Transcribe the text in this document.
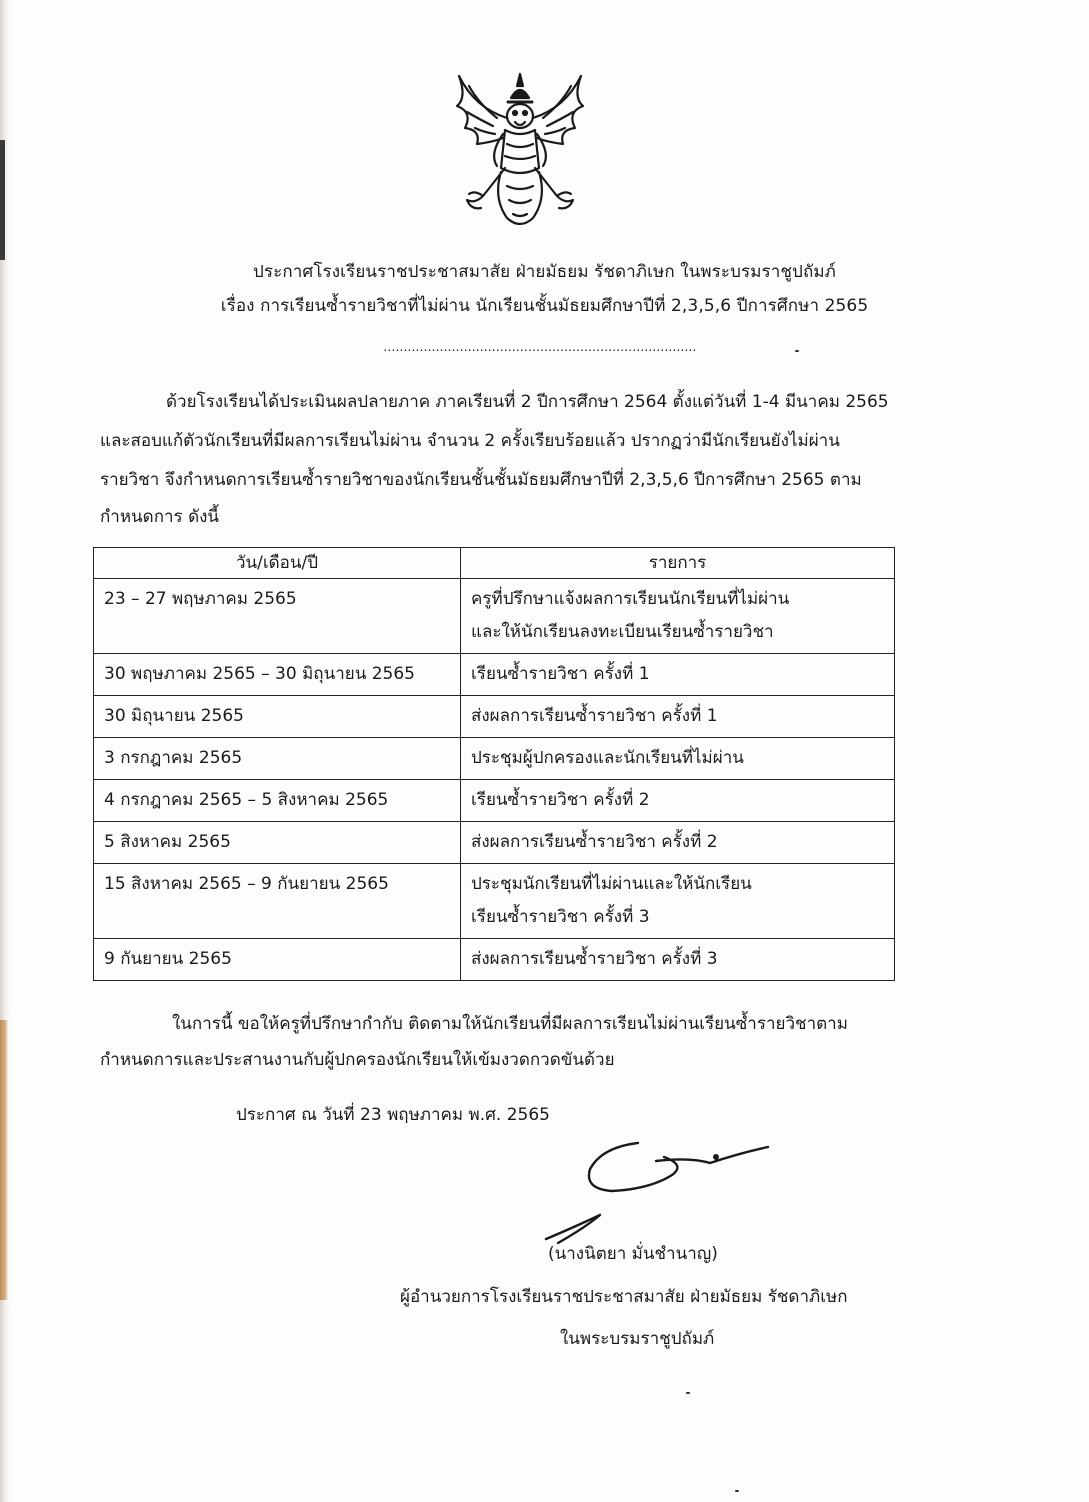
ประกาศโรงเรียนราชประชาสมาสัย ฝ่ายมัธยม รัชดาภิเษก ในพระบรมราชูปถัมภ์
เรื่อง การเรียนซ้ำรายวิชาที่ไม่ผ่าน นักเรียนชั้นมัธยมศึกษาปีที่ 2,3,5,6 ปีการศึกษา 2565
..............................................................................
ด้วยโรงเรียนได้ประเมินผลปลายภาค ภาคเรียนที่ 2 ปีการศึกษา 2564 ตั้งแต่วันที่ 1-4 มีนาคม 2565
และสอบแก้ตัวนักเรียนที่มีผลการเรียนไม่ผ่าน จำนวน 2 ครั้งเรียบร้อยแล้ว ปรากฏว่ามีนักเรียนยังไม่ผ่าน
รายวิชา จึงกำหนดการเรียนซ้ำรายวิชาของนักเรียนชั้นชั้นมัธยมศึกษาปีที่ 2,3,5,6 ปีการศึกษา 2565 ตาม
กำหนดการ ดังนี้
วัน/เดือน/ปี	รายการ
23 – 27 พฤษภาคม 2565	ครูที่ปรึกษาแจ้งผลการเรียนนักเรียนที่ไม่ผ่าน
และให้นักเรียนลงทะเบียนเรียนซ้ำรายวิชา

30 พฤษภาคม 2565 – 30 มิถุนายน 2565	เรียนซ้ำรายวิชา ครั้งที่ 1
30 มิถุนายน 2565	ส่งผลการเรียนซ้ำรายวิชา ครั้งที่ 1
3 กรกฎาคม 2565	ประชุมผู้ปกครองและนักเรียนที่ไม่ผ่าน
4 กรกฎาคม 2565 – 5 สิงหาคม 2565	เรียนซ้ำรายวิชา ครั้งที่ 2
5 สิงหาคม 2565	ส่งผลการเรียนซ้ำรายวิชา ครั้งที่ 2
15 สิงหาคม 2565 – 9 กันยายน 2565	ประชุมนักเรียนที่ไม่ผ่านและให้นักเรียน
เรียนซ้ำรายวิชา ครั้งที่ 3

9 กันยายน 2565	ส่งผลการเรียนซ้ำรายวิชา ครั้งที่ 3
ในการนี้ ขอให้ครูที่ปรึกษากำกับ ติดตามให้นักเรียนที่มีผลการเรียนไม่ผ่านเรียนซ้ำรายวิชาตาม
กำหนดการและประสานงานกับผู้ปกครองนักเรียนให้เข้มงวดกวดขันด้วย
ประกาศ ณ วันที่ 23 พฤษภาคม พ.ศ. 2565
(นางนิตยา มั่นชำนาญ)
ผู้อำนวยการโรงเรียนราชประชาสมาสัย ฝ่ายมัธยม รัชดาภิเษก
ในพระบรมราชูปถัมภ์
